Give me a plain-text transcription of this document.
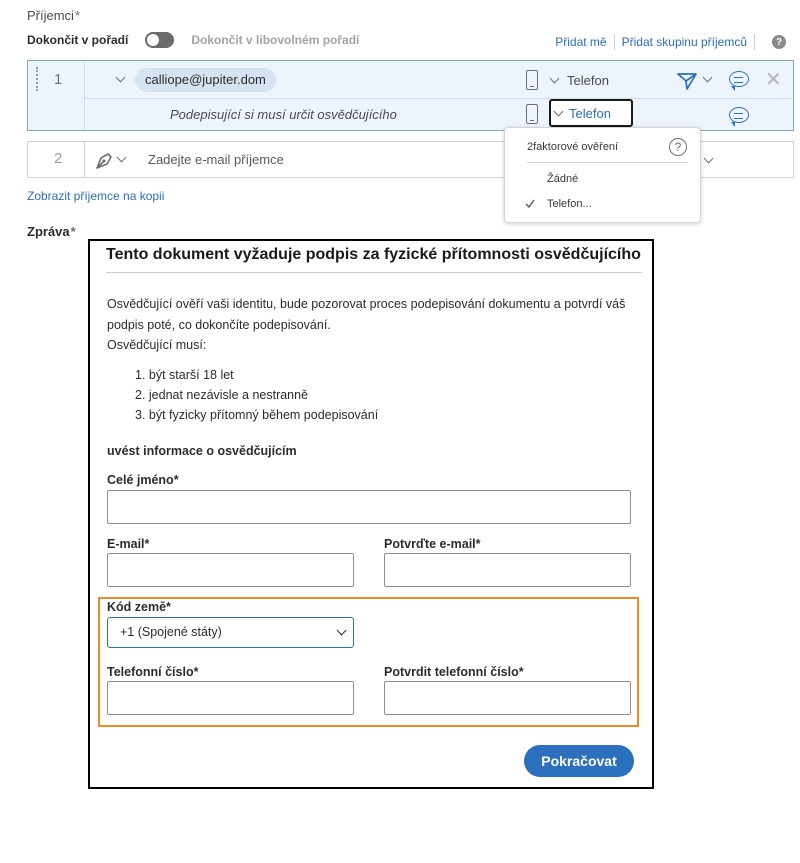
Příjemci*
Dokončit v pořadí	Dokončit v libovolném pořadí	Přidat mě Přidat skupinu příjemců	?
1	calliope@jupiter.dom	Telefon	✕
Podepisující si musí určit osvědčujícího	Telefon
2	Zadejte e-mail příjemce
Zobrazit příjemce na kopii
Zpráva*
2faktorové ověření	?
Žádné
Telefon...
Tento dokument vyžaduje podpis za fyzické přítomnosti osvědčujícího
Osvědčující ověří vaši identitu, bude pozorovat proces podepisování dokumentu a potvrdí váš
podpis poté, co dokončíte podepisování.
Osvědčující musí:
1. být starší 18 let
2. jednat nezávisle a nestranně
3. být fyzicky přítomný během podepisování
uvést informace o osvědčujícím
Celé jméno*
E-mail*	Potvrďte e-mail*
Kód země*
+1 (Spojené státy)
Telefonní číslo*	Potvrdit telefonní číslo*
Pokračovat
